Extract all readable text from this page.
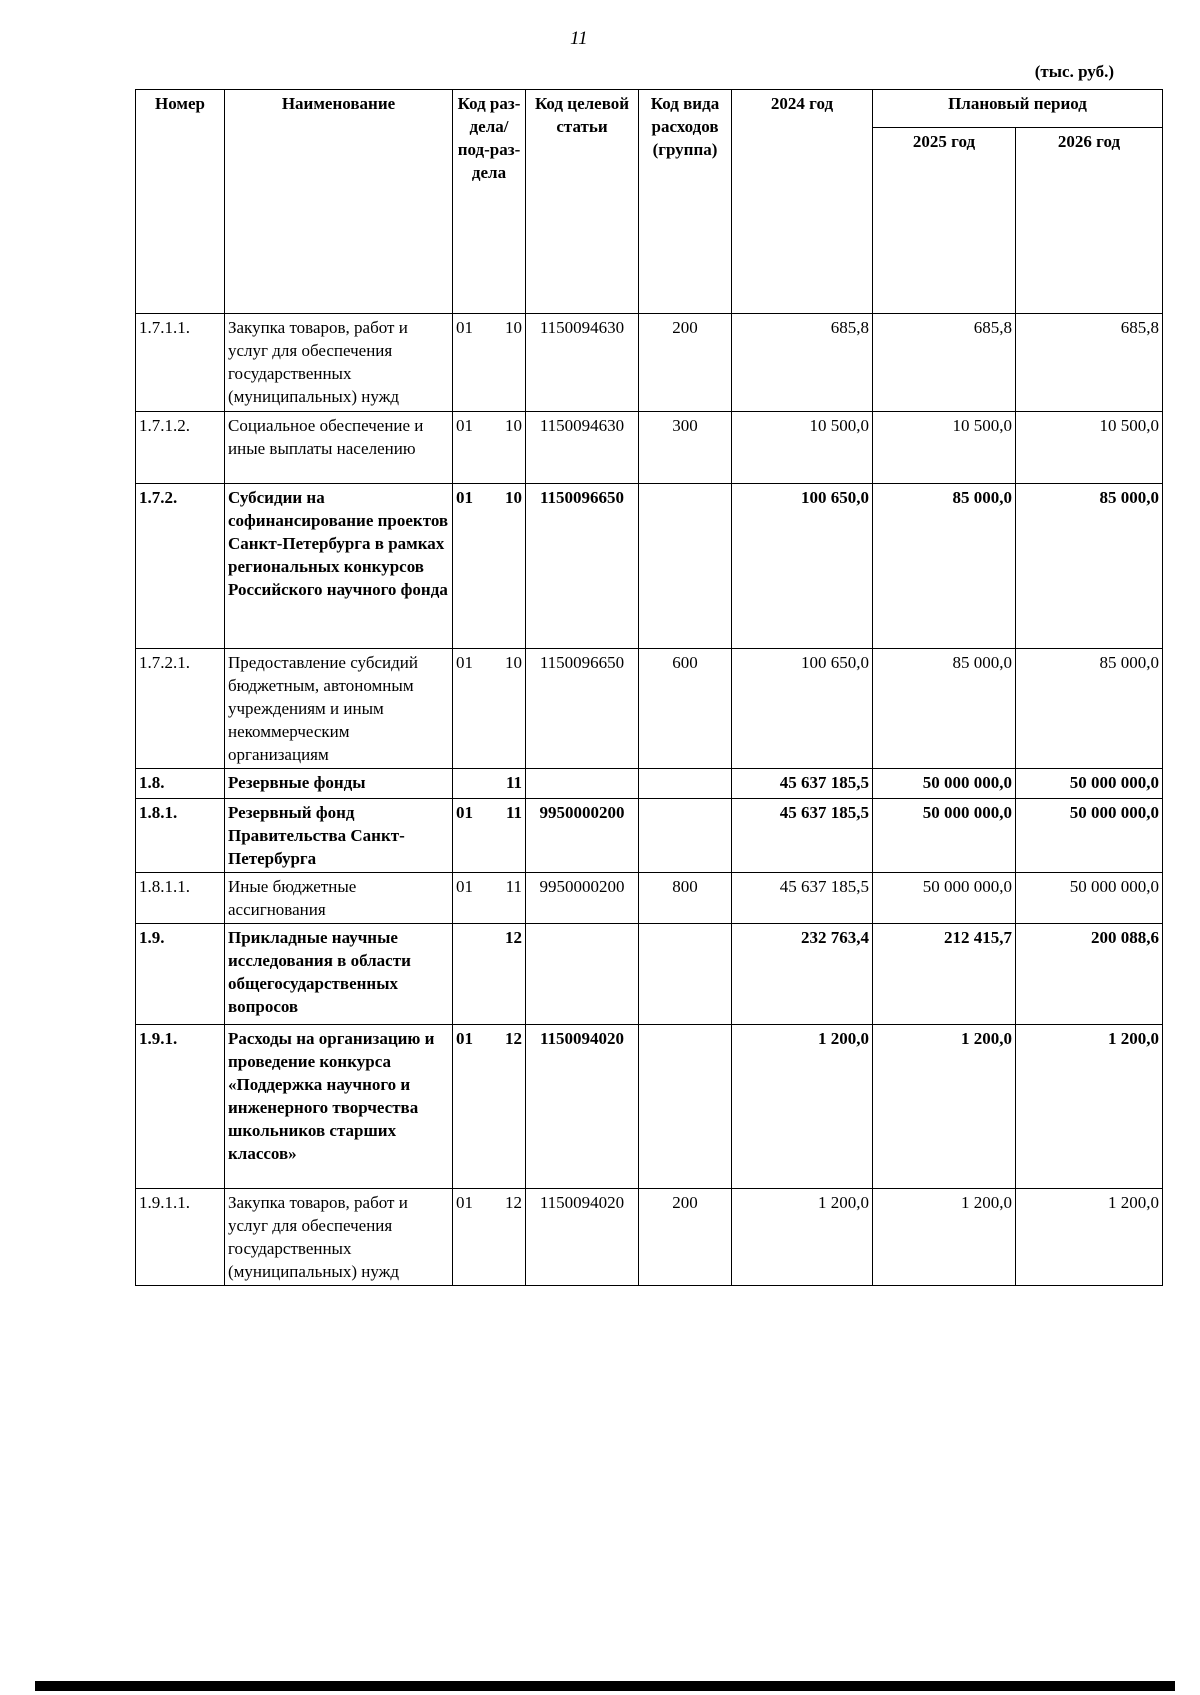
11
(тыс. руб.)
Номер	Наименование	Код раз-дела/ под-раз-дела	Код целевой статьи	Код вида расходов (группа)	2024 год	Плановый период	
						2025 год	2026 год
1.7.1.1.	Закупка товаров, работ и услуг для обеспечения государственных (муниципальных) нужд	01 10	1150094630	200	685,8	685,8	685,8
1.7.1.2.	Социальное обеспечение и иные выплаты населению	01 10	1150094630	300	10 500,0	10 500,0	10 500,0
1.7.2.	Субсидии на софинансирование проектов Санкт-Петербурга в рамках региональных конкурсов Российского научного фонда	01 10	1150096650		100 650,0	85 000,0	85 000,0
1.7.2.1.	Предоставление субсидий бюджетным, автономным учреждениям и иным некоммерческим организациям	01 10	1150096650	600	100 650,0	85 000,0	85 000,0
1.8.	Резервные фонды	11			45 637 185,5	50 000 000,0	50 000 000,0
1.8.1.	Резервный фонд Правительства Санкт-Петербурга	01 11	9950000200		45 637 185,5	50 000 000,0	50 000 000,0
1.8.1.1.	Иные бюджетные ассигнования	01 11	9950000200	800	45 637 185,5	50 000 000,0	50 000 000,0
1.9.	Прикладные научные исследования в области общегосударственных вопросов	12			232 763,4	212 415,7	200 088,6
1.9.1.	Расходы на организацию и проведение конкурса «Поддержка научного и инженерного творчества школьников старших классов»	01 12	1150094020		1 200,0	1 200,0	1 200,0
1.9.1.1.	Закупка товаров, работ и услуг для обеспечения государственных (муниципальных) нужд	01 12	1150094020	200	1 200,0	1 200,0	1 200,0
